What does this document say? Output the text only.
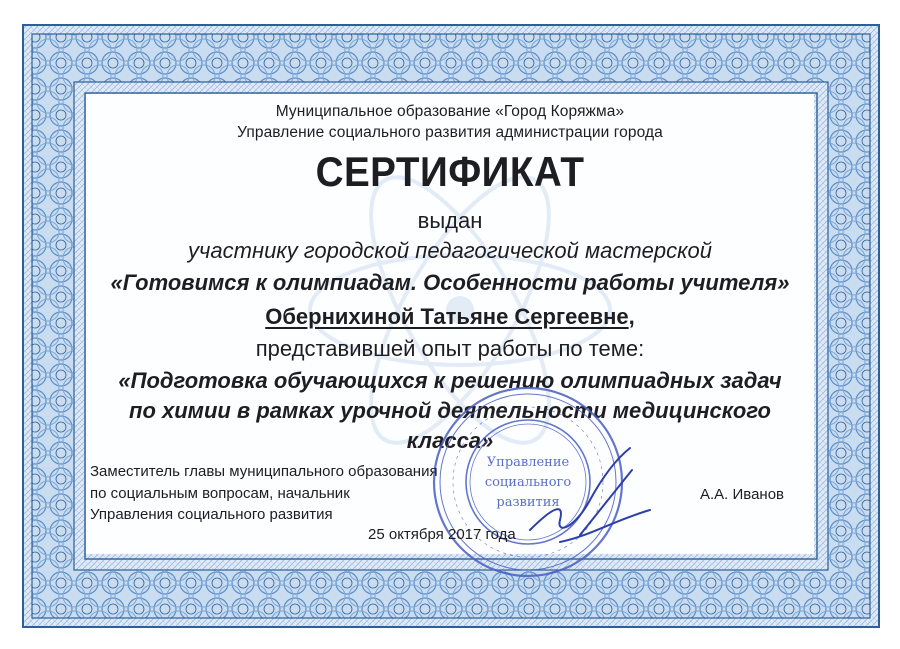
Муниципальное образование «Город Коряжма»
Управление социального развития администрации города
СЕРТИФИКАТ
выдан
участнику городской педагогической мастерской
«Готовимся к олимпиадам. Особенности работы учителя»
Обернихиной Татьяне Сергеевне,
представившей опыт работы по теме:
«Подготовка обучающихся к решению олимпиадных задач
по химии в рамках урочной деятельности медицинского
класса»
Управление
социального
развития
Заместитель главы муниципального образования
по социальным вопросам, начальник
Управления социального развития
А.А. Иванов
25 октября 2017 года
